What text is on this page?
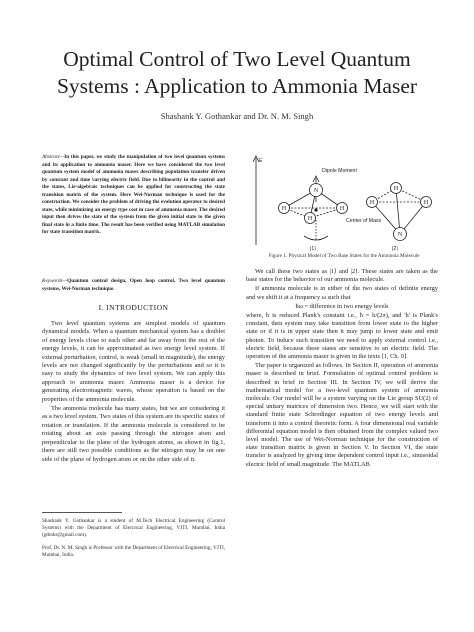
Optimal Control of Two Level Quantum Systems : Application to Ammonia Maser
Shashank Y. Gothankar and Dr. N. M. Singh
Abstract—In this paper, we study the manipulation of two level quantum systems and its application to ammonia maser. Here we have considered the two level quantum system model of ammonia maser describing population transfer driven by constant and time varying electric field. Due to bilinearity in the control and the states, Lie-algebraic techniques can be applied for constructing the state transition matrix of the system. Here Wei-Norman technique is used for the construction. We consider the problem of driving the evolution operator to desired state, while minimizing an energy type cost in case of ammonia maser. The desired input then drives the state of the system from the given initial state to the given final state in a finite time. The result has been verified using MATLAB simulation for state transition matrix.
Keywords—Quantum control design, Open loop control, Two level quantum systems, Wei-Norman technique.
I. INTRODUCTION

Two level quantum systems are simplest models of quantum dynamical models. When a quantum mechanical system has a doublet of energy levels close to each other and far away from the rest of the energy levels, it can be approximated as two energy level system. If external perturbation, control, is weak (small in magnitude), the energy levels are not changed significantly by the perturbations and so it is easy to study the dynamics of two level system. We can apply this approach to ammonia maser. Ammonia maser is a device for generating electromagnetic waves, whose operation is based on the properties of the ammonia molecule.

The ammonia molecule has many states, but we are considering it as a two level system. Two states of this system are its specific states of rotation or translation. If the ammonia molecule is considered to be rotating about an axis passing through the nitrogen atom and perpendicular to the plane of the hydrogen atoms, as shown in fig.1, there are still two possible conditions as the nitrogen may be on one side of the plane of hydrogen atom or on the other side of it.

Shashank Y. Gothankar is a student of M.Tech Electrical Engineering (Control Systems) with the Department of Electrical Engineering, VJTI, Mumbai, India (gthnkr@gmail.com).
Prof. Dr. N. M. Singh is Professor with the Department of Electrical Engineering, VJTI, Mumbai, India.
N
H
H
H
N
H
H
H
E
Dipole Moment
Center of Mass
|1⟩	|2⟩
Figure 1. Physical Model of Two Base States for the Ammonia Molecule

We call these two states as |1⟩ and |2⟩. These states are taken as the base states for the behavior of our ammonia molecule.

If ammonia molecule is in either of the two states of definite energy and we shift it at a frequency ω such that

ħω = difference in two energy levels

where, ħ is reduced Plank's constant i.e., ħ = h/(2π), and 'h' is Plank's constant, then system may take transition from lower state to the higher state or if it is in upper state then it may jump to lower state and emit photon. To induce such transition we need to apply external control i.e., electric field, because these states are sensitive to an electric field. The operation of the ammonia maser is given in the texts [1, Ch. 9].

The paper is organized as follows. In Section II, operation of ammonia maser is described in brief. Formulation of optimal control problem is described in brief in Section III. In Section IV, we will derive the mathematical model for a two-level quantum system of ammonia molecule. Our model will be a system varying on the Lie group SU(2) of special unitary matrices of dimension two. Hence, we will start with the standard finite state Schrodinger equation of two energy levels and transform it into a control theoretic form. A four dimensional real variable differential equation model is then obtained from the complex valued two level model. The use of Wei-Norman technique for the construction of state transition matrix is given in Section V. In Section VI, the state transfer is analyzed by giving time dependent control input i.e., sinusoidal electric field of small magnitude. The MATLAB
